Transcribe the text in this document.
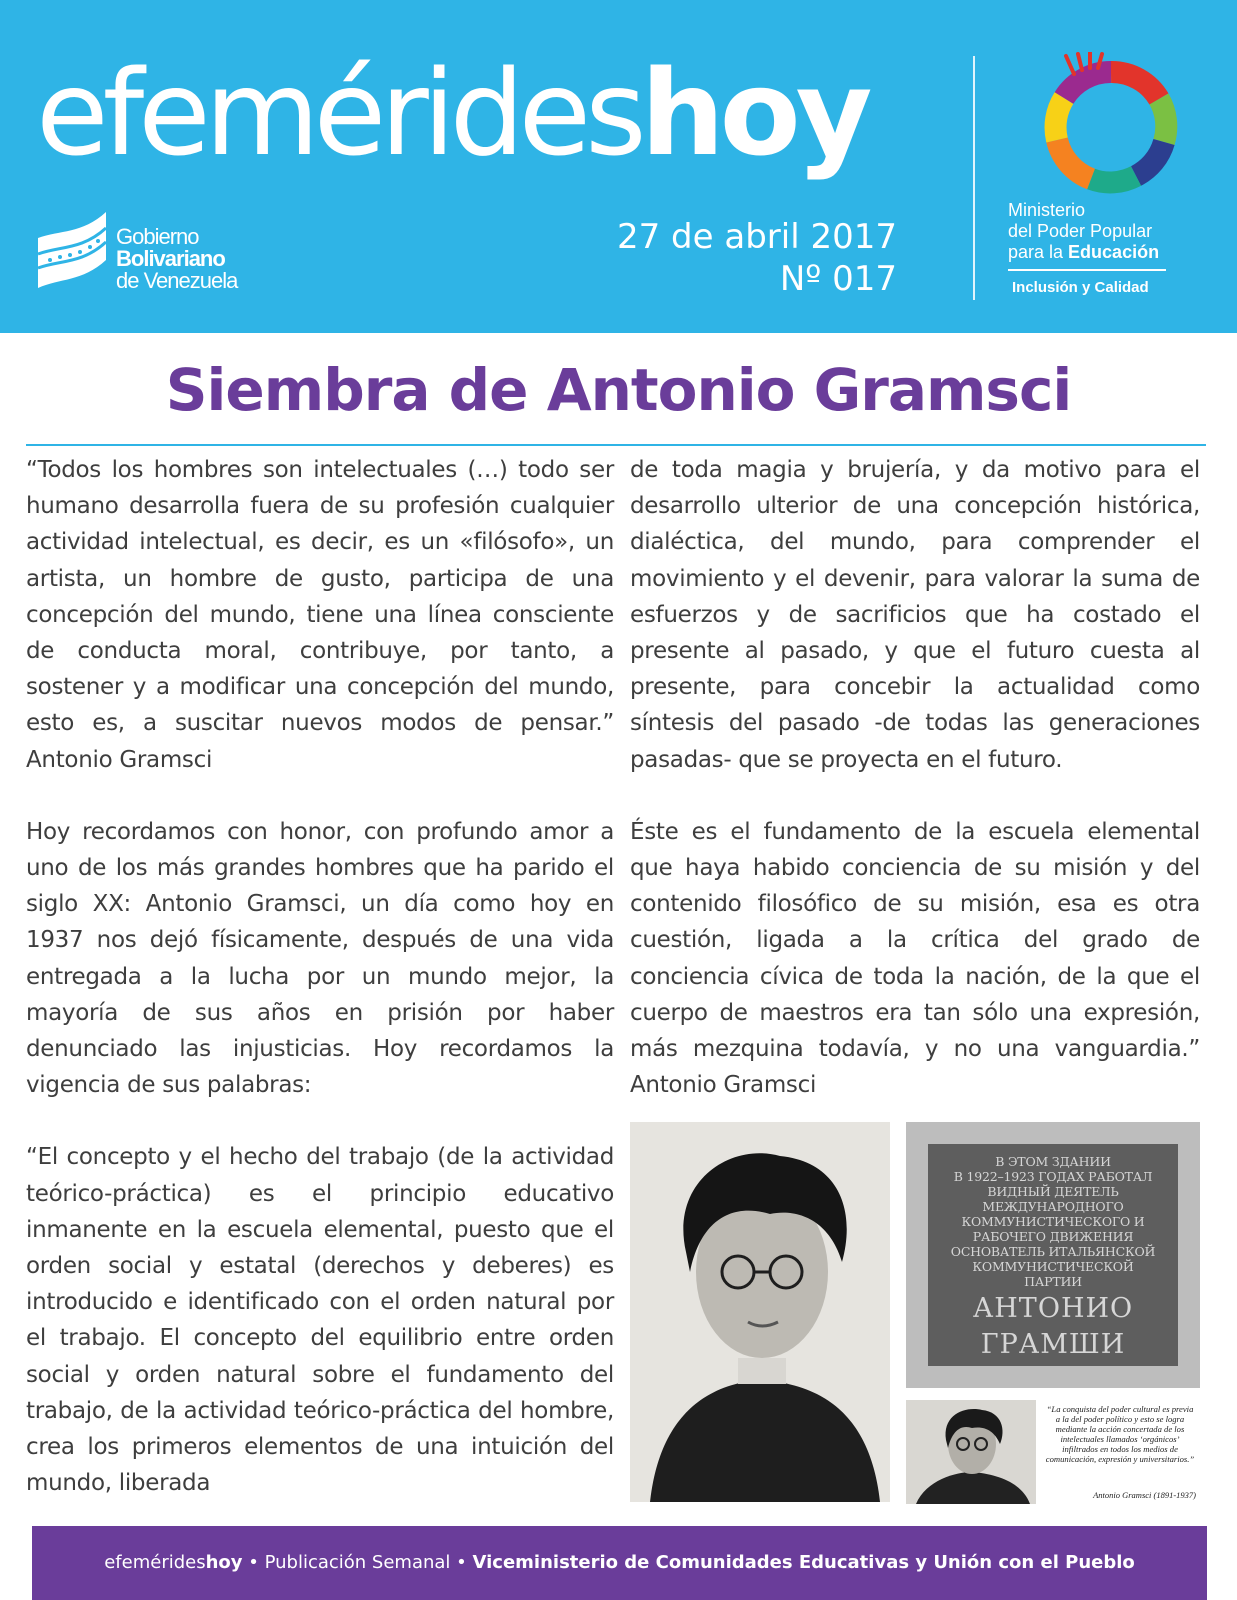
efemérideshoy
Gobierno
Bolivariano
de Venezuela
27 de abril 2017
Nº 017
Ministerio
del Poder Popular
para la Educación
Inclusión y Calidad
Siembra de Antonio Gramsci

“Todos los hombres son intelectuales (…) todo ser humano desarrolla fuera de su profesión cualquier actividad intelectual, es decir, es un «filósofo», un artista, un hombre de gusto, participa de una concepción del mundo, tiene una línea consciente de conducta moral, contribuye, por tanto, a sostener y a modificar una concepción del mundo, esto es, a suscitar nuevos modos de pensar.” Antonio Gramsci

Hoy recordamos con honor, con profundo amor a uno de los más grandes hombres que ha parido el siglo XX: Antonio Gramsci, un día como hoy en 1937 nos dejó físicamente, después de una vida entregada a la lucha por un mundo mejor, la mayoría de sus años en prisión por haber denunciado las injusticias. Hoy recordamos la vigencia de sus palabras:

“El concepto y el hecho del trabajo (de la actividad teórico-práctica) es el principio educativo inmanente en la escuela elemental, puesto que el orden social y estatal (derechos y deberes) es introducido e identificado con el orden natural por el trabajo. El concepto del equilibrio entre orden social y orden natural sobre el fundamento del trabajo, de la actividad teórico-práctica del hombre, crea los primeros elementos de una intuición del mundo, liberada

de toda magia y brujería, y da motivo para el desarrollo ulterior de una concepción histórica, dialéctica, del mundo, para comprender el movimiento y el devenir, para valorar la suma de esfuerzos y de sacrificios que ha costado el presente al pasado, y que el futuro cuesta al presente, para concebir la actualidad como síntesis del pasado -de todas las generaciones pasadas- que se proyecta en el futuro.

Éste es el fundamento de la escuela elemental que haya habido conciencia de su misión y del contenido filosófico de su misión, esa es otra cuestión, ligada a la crítica del grado de conciencia cívica de toda la nación, de la que el cuerpo de maestros era tan sólo una expresión, más mezquina todavía, y no una vanguardia.” Antonio Gramsci

В ЭТОМ ЗДАНИИ
В 1922–1923 ГОДАХ РАБОТАЛ
ВИДНЫЙ ДЕЯТЕЛЬ
МЕЖДУНАРОДНОГО
КОММУНИСТИЧЕСКОГО И
РАБОЧЕГО ДВИЖЕНИЯ
ОСНОВАТЕЛЬ ИТАЛЬЯНСКОЙ
КОММУНИСТИЧЕСКОЙ
ПАРТИИ
АНТОНИО
ГРАМШИ
“La conquista del poder cultural es previa a la del poder político y esto se logra mediante la acción concertada de los intelectuales llamados ‘orgánicos’ infiltrados en todos los medios de comunicación, expresión y universitarios.”
Antonio Gramsci (1891-1937)
efemérideshoy • Publicación Semanal • Viceministerio de Comunidades Educativas y Unión con el Pueblo
